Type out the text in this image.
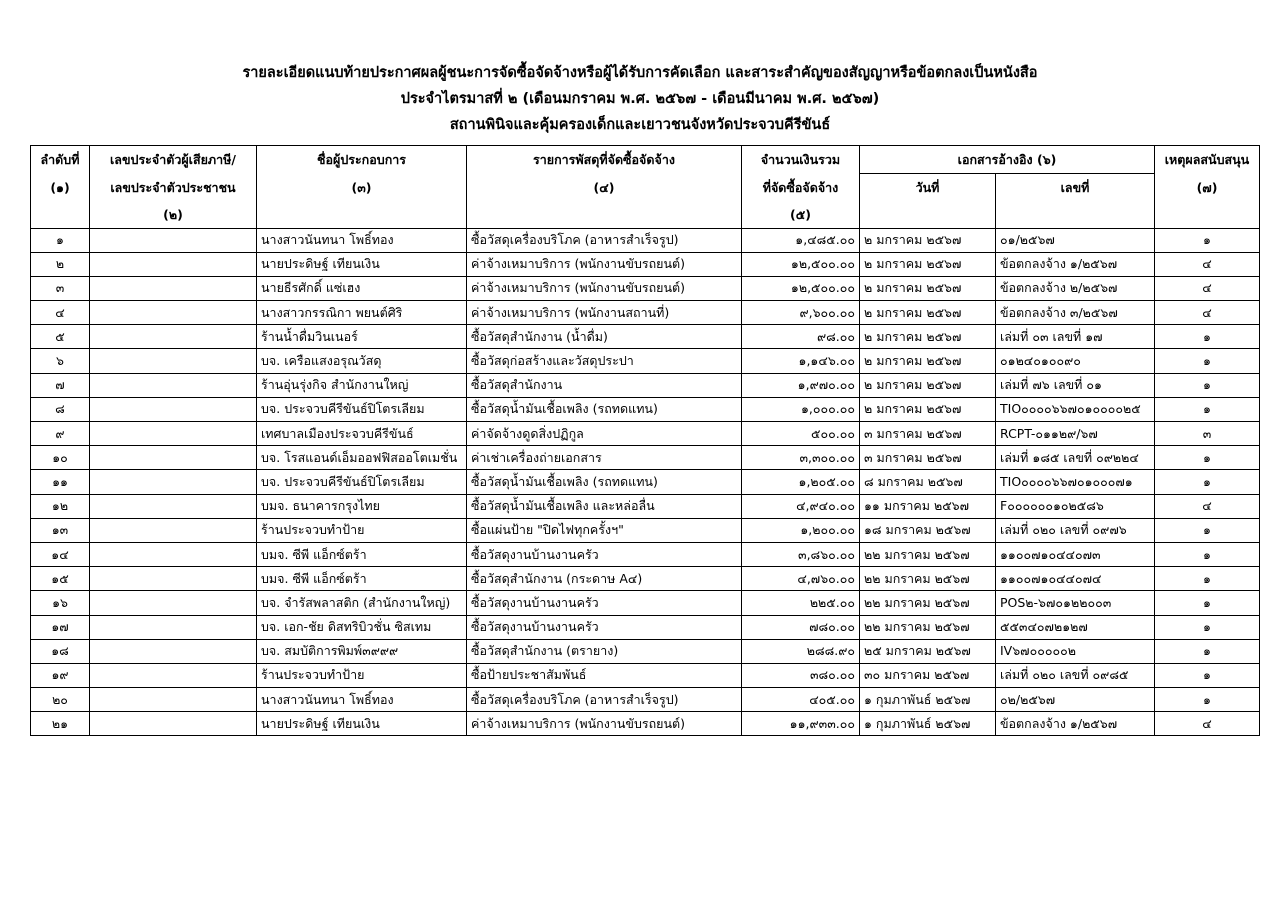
รายละเอียดแนบท้ายประกาศผลผู้ชนะการจัดซื้อจัดจ้างหรือผู้ได้รับการคัดเลือก และสาระสำคัญของสัญญาหรือข้อตกลงเป็นหนังสือ
ประจำไตรมาสที่ ๒ (เดือนมกราคม พ.ศ. ๒๕๖๗ - เดือนมีนาคม พ.ศ. ๒๕๖๗)
สถานพินิจและคุ้มครองเด็กและเยาวชนจังหวัดประจวบคีรีขันธ์
ลำดับที่	เลขประจำตัวผู้เสียภาษี/	ชื่อผู้ประกอบการ	รายการพัสดุที่จัดซื้อจัดจ้าง	จำนวนเงินรวม	เอกสารอ้างอิง (๖)		เหตุผลสนับสนุน
(๑)	เลขประจำตัวประชาชน	(๓)	(๔)	ที่จัดซื้อจัดจ้าง	วันที่	เลขที่	(๗)
	(๒)			(๕)			
๑		นางสาวนันทนา โพธิ์ทอง	ซื้อวัสดุเครื่องบริโภค (อาหารสำเร็จรูป)	๑,๔๘๕.๐๐	๒ มกราคม ๒๕๖๗	๐๑/๒๕๖๗	๑
๒		นายประดิษฐ์ เทียนเงิน	ค่าจ้างเหมาบริการ (พนักงานขับรถยนต์)	๑๒,๕๐๐.๐๐	๒ มกราคม ๒๕๖๗	ข้อตกลงจ้าง ๑/๒๕๖๗	๔
๓		นายธีรศักดิ์ แซ่เฮง	ค่าจ้างเหมาบริการ (พนักงานขับรถยนต์)	๑๒,๕๐๐.๐๐	๒ มกราคม ๒๕๖๗	ข้อตกลงจ้าง ๒/๒๕๖๗	๔
๔		นางสาวกรรณิกา พยนต์ศิริ	ค่าจ้างเหมาบริการ (พนักงานสถานที่)	๙,๖๐๐.๐๐	๒ มกราคม ๒๕๖๗	ข้อตกลงจ้าง ๓/๒๕๖๗	๔
๕		ร้านน้ำดื่มวินเนอร์	ซื้อวัสดุสำนักงาน (น้ำดื่ม)	๙๘.๐๐	๒ มกราคม ๒๕๖๗	เล่มที่ ๐๓ เลขที่ ๑๗	๑
๖		บจ. เครือแสงอรุณวัสดุ	ซื้อวัสดุก่อสร้างและวัสดุประปา	๑,๑๔๖.๐๐	๒ มกราคม ๒๕๖๗	๐๑๒๔๐๑๐๐๙๐	๑
๗		ร้านอุ่นรุ่งกิจ สำนักงานใหญ่	ซื้อวัสดุสำนักงาน	๑,๙๗๐.๐๐	๒ มกราคม ๒๕๖๗	เล่มที่ ๗๖ เลขที่ ๐๑	๑
๘		บจ. ประจวบคีรีขันธ์ปิโตรเลียม	ซื้อวัสดุน้ำมันเชื้อเพลิง (รถทดแทน)	๑,๐๐๐.๐๐	๒ มกราคม ๒๕๖๗	TIO๐๐๐๐๖๖๗๐๑๐๐๐๐๒๕	๑
๙		เทศบาลเมืองประจวบคีรีขันธ์	ค่าจัดจ้างดูดสิ่งปฏิกูล	๕๐๐.๐๐	๓ มกราคม ๒๕๖๗	RCPT-๐๑๑๒๙/๖๗	๓
๑๐		บจ. โรสแอนด์เอ็มออฟฟิสออโตเมชั่น	ค่าเช่าเครื่องถ่ายเอกสาร	๓,๓๐๐.๐๐	๓ มกราคม ๒๕๖๗	เล่มที่ ๑๘๕ เลขที่ ๐๙๒๒๔	๑
๑๑		บจ. ประจวบคีรีขันธ์ปิโตรเลียม	ซื้อวัสดุน้ำมันเชื้อเพลิง (รถทดแทน)	๑,๒๐๕.๐๐	๘ มกราคม ๒๕๖๗	TIO๐๐๐๐๖๖๗๐๑๐๐๐๗๑	๑
๑๒		บมจ. ธนาคารกรุงไทย	ซื้อวัสดุน้ำมันเชื้อเพลิง และหล่อลื่น	๔,๙๔๐.๐๐	๑๑ มกราคม ๒๕๖๗	F๐๐๐๐๐๐๑๐๒๕๘๖	๔
๑๓		ร้านประจวบทำป้าย	ซื้อแผ่นป้าย "ปิดไฟทุกครั้งฯ"	๑,๒๐๐.๐๐	๑๘ มกราคม ๒๕๖๗	เล่มที่ ๐๒๐ เลขที่ ๐๙๗๖	๑
๑๔		บมจ. ซีพี แอ็กซ์ตร้า	ซื้อวัสดุงานบ้านงานครัว	๓,๘๖๐.๐๐	๒๒ มกราคม ๒๕๖๗	๑๑๐๐๗๑๐๔๔๐๗๓	๑
๑๕		บมจ. ซีพี แอ็กซ์ตร้า	ซื้อวัสดุสำนักงาน (กระดาษ A๔)	๔,๗๖๐.๐๐	๒๒ มกราคม ๒๕๖๗	๑๑๐๐๗๑๐๔๔๐๗๔	๑
๑๖		บจ. จำรัสพลาสติก (สำนักงานใหญ่)	ซื้อวัสดุงานบ้านงานครัว	๒๒๕.๐๐	๒๒ มกราคม ๒๕๖๗	POS๒-๖๗๐๑๒๒๐๐๓	๑
๑๗		บจ. เอก-ชัย ดิสทริบิวชั่น ซิสเทม	ซื้อวัสดุงานบ้านงานครัว	๗๘๐.๐๐	๒๒ มกราคม ๒๕๖๗	๕๕๓๔๐๗๒๑๒๗	๑
๑๘		บจ. สมบัติการพิมพ์๓๙๙๙	ซื้อวัสดุสำนักงาน (ตรายาง)	๒๘๘.๙๐	๒๕ มกราคม ๒๕๖๗	IV๖๗๐๐๐๐๐๒	๑
๑๙		ร้านประจวบทำป้าย	ซื้อป้ายประชาสัมพันธ์	๓๘๐.๐๐	๓๐ มกราคม ๒๕๖๗	เล่มที่ ๐๒๐ เลขที่ ๐๙๘๕	๑
๒๐		นางสาวนันทนา โพธิ์ทอง	ซื้อวัสดุเครื่องบริโภค (อาหารสำเร็จรูป)	๔๐๕.๐๐	๑ กุมภาพันธ์ ๒๕๖๗	๐๒/๒๕๖๗	๑
๒๑		นายประดิษฐ์ เทียนเงิน	ค่าจ้างเหมาบริการ (พนักงานขับรถยนต์)	๑๑,๙๓๓.๐๐	๑ กุมภาพันธ์ ๒๕๖๗	ข้อตกลงจ้าง ๑/๒๕๖๗	๔
